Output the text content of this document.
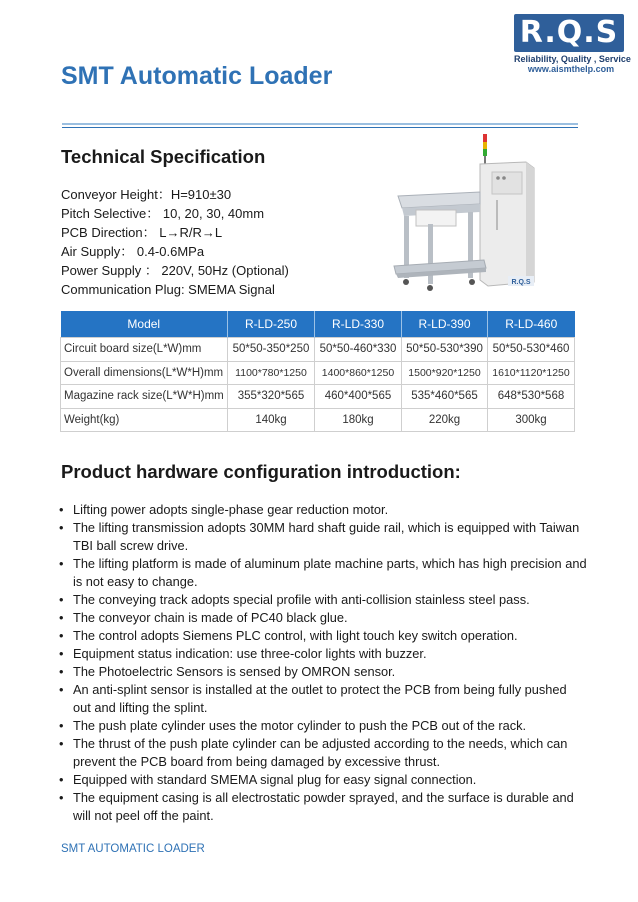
R.Q.S
Reliability, Quality , Service
www.aismthelp.com
SMT Automatic Loader
Technical Specification
Conveyor Height：H=910±30
Pitch Selective： 10, 20, 30, 40mm
PCB Direction： L→R/R→L
Air Supply： 0.4-0.6MPa
Power Supply ： 220V, 50Hz (Optional)
Communication Plug: SMEMA Signal	R.Q.S
Model	R-LD-250	R-LD-330	R-LD-390	R-LD-460
Circuit board size(L*W)mm	50*50-350*250	50*50-460*330	50*50-530*390	50*50-530*460
Overall dimensions(L*W*H)mm	1100*780*1250	1400*860*1250	1500*920*1250	1610*1120*1250
Magazine rack size(L*W*H)mm	355*320*565	460*400*565	535*460*565	648*530*568
Weight(kg)	140kg	180kg	220kg	300kg
Product hardware configuration introduction:
• Lifting power adopts single-phase gear reduction motor.
• The lifting transmission adopts 30MM hard shaft guide rail, which is equipped with Taiwan TBI ball screw drive.
• The lifting platform is made of aluminum plate machine parts, which has high precision and is not easy to change.
• The conveying track adopts special profile with anti-collision stainless steel pass.
• The conveyor chain is made of PC40 black glue.
• The control adopts Siemens PLC control, with light touch key switch operation.
• Equipment status indication: use three-color lights with buzzer.
• The Photoelectric Sensors is sensed by OMRON sensor.
• An anti-splint sensor is installed at the outlet to protect the PCB from being fully pushed out and lifting the splint.
• The push plate cylinder uses the motor cylinder to push the PCB out of the rack.
• The thrust of the push plate cylinder can be adjusted according to the needs, which can prevent the PCB board from being damaged by excessive thrust.
• Equipped with standard SMEMA signal plug for easy signal connection.
• The equipment casing is all electrostatic powder sprayed, and the surface is durable and will not peel off the paint.
SMT AUTOMATIC LOADER
